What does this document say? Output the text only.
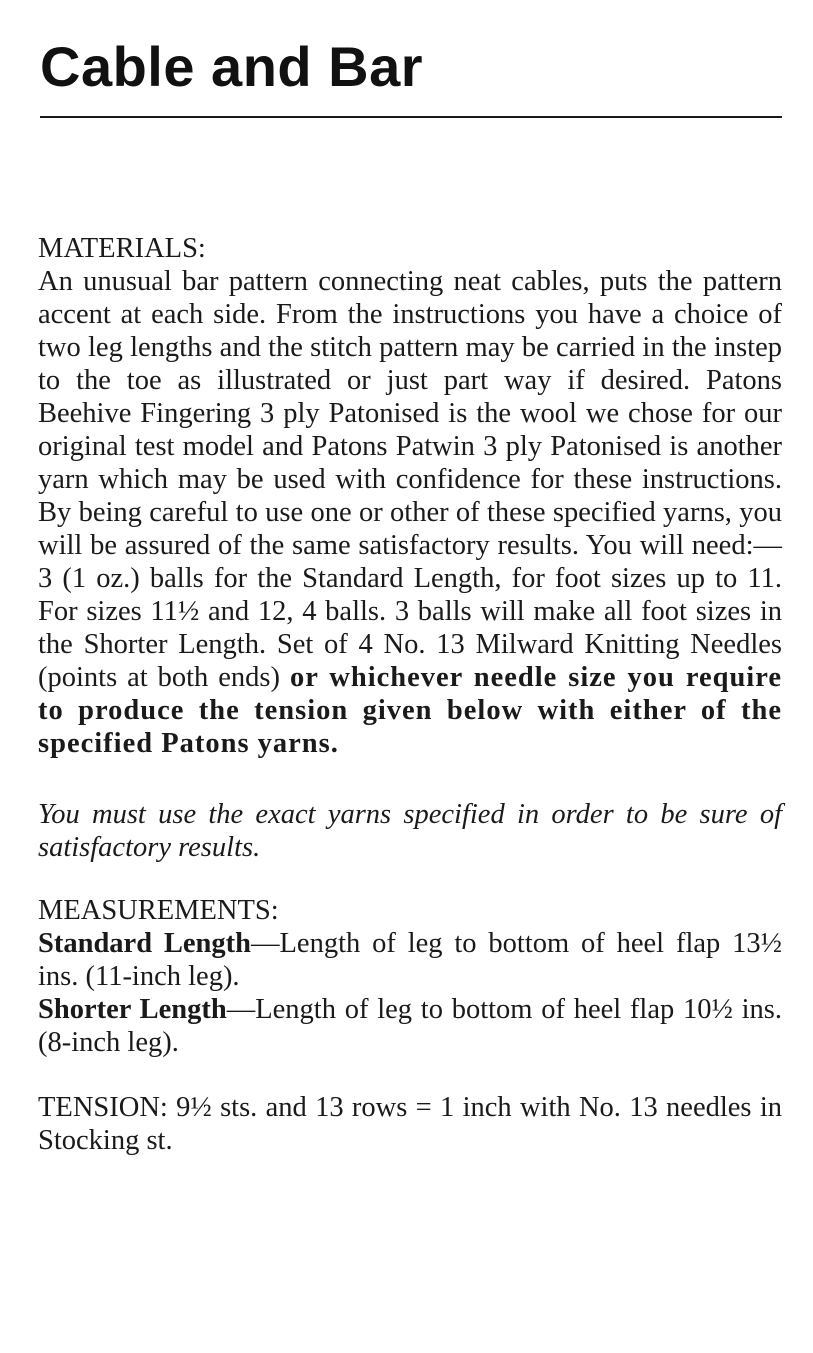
Cable and Bar
MATERIALS:

An unusual bar pattern connecting neat cables, puts the pattern accent at each side. From the instructions you have a choice of two leg lengths and the stitch pattern may be carried in the instep to the toe as illustrated or just part way if desired. Patons Beehive Fingering 3 ply Patonised is the wool we chose for our original test model and Patons Patwin 3 ply Patonised is another yarn which may be used with confidence for these instructions. By being careful to use one or other of these specified yarns, you will be assured of the same satisfactory results. You will need:—3 (1 oz.) balls for the Standard Length, for foot sizes up to 11. For sizes 11½ and 12, 4 balls. 3 balls will make all foot sizes in the Shorter Length. Set of 4 No. 13 Milward Knitting Needles (points at both ends) or whichever needle size you require to produce the tension given below with either of the specified Patons yarns.

You must use the exact yarns specified in order to be sure of satisfactory results.

MEASUREMENTS:

Standard Length—Length of leg to bottom of heel flap 13½ ins. (11-inch leg).

Shorter Length—Length of leg to bottom of heel flap 10½ ins. (8-inch leg).

TENSION: 9½ sts. and 13 rows = 1 inch with No. 13 needles in Stocking st.
